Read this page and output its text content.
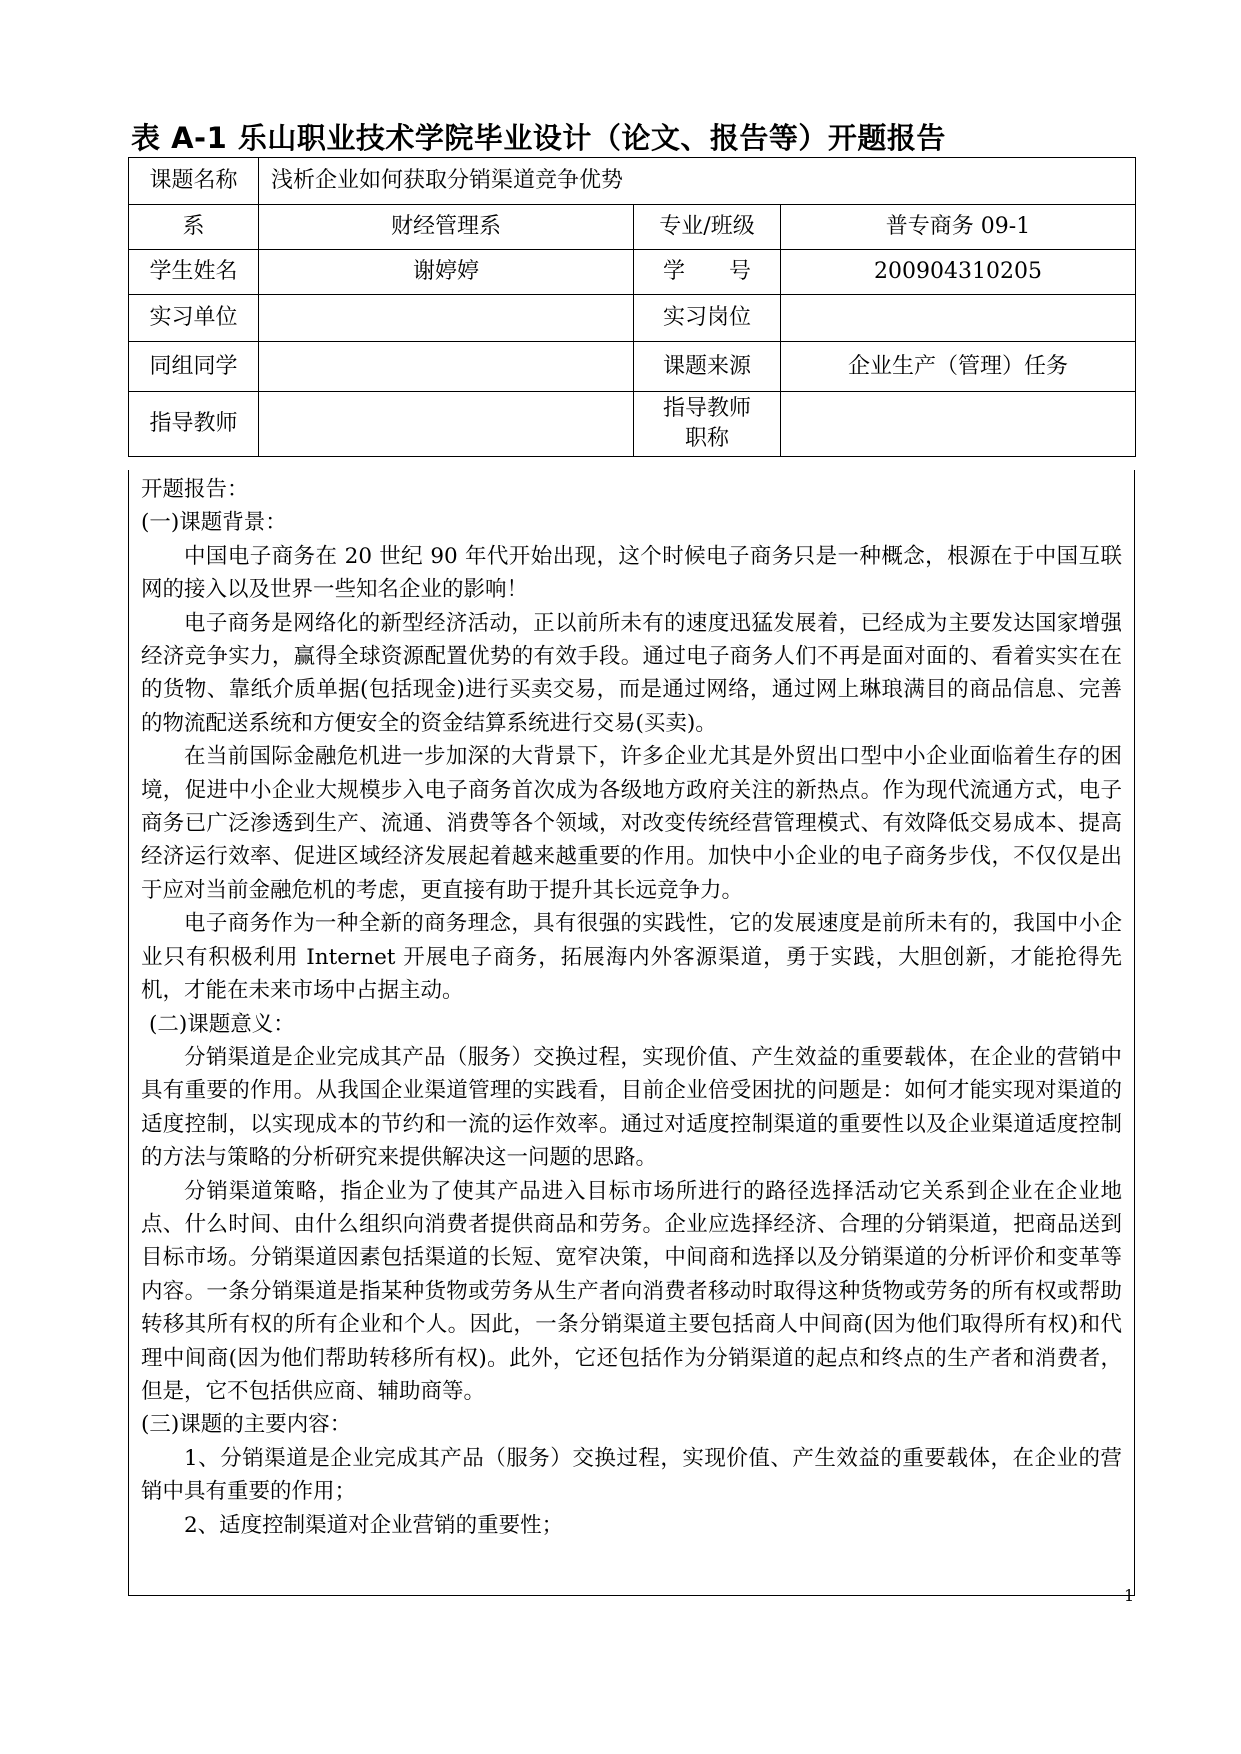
表 A-1 乐山职业技术学院毕业设计（论文、报告等）开题报告
课题名称	浅析企业如何获取分销渠道竞争优势		
系	财经管理系	专业/班级	普专商务 09-1
学生姓名	谢婷婷	学　　号	200904310205
实习单位		实习岗位	
同组同学		课题来源	企业生产（管理）任务
指导教师		指导教师
职称	

开题报告：

(一)课题背景：

中国电子商务在 20 世纪 90 年代开始出现，这个时候电子商务只是一种概念，根源在于中国互联网的接入以及世界一些知名企业的影响！

电子商务是网络化的新型经济活动，正以前所未有的速度迅猛发展着，已经成为主要发达国家增强经济竞争实力，赢得全球资源配置优势的有效手段。通过电子商务人们不再是面对面的、看着实实在在的货物、靠纸介质单据(包括现金)进行买卖交易，而是通过网络，通过网上琳琅满目的商品信息、完善的物流配送系统和方便安全的资金结算系统进行交易(买卖)。

在当前国际金融危机进一步加深的大背景下，许多企业尤其是外贸出口型中小企业面临着生存的困境，促进中小企业大规模步入电子商务首次成为各级地方政府关注的新热点。作为现代流通方式，电子商务已广泛渗透到生产、流通、消费等各个领域，对改变传统经营管理模式、有效降低交易成本、提高经济运行效率、促进区域经济发展起着越来越重要的作用。加快中小企业的电子商务步伐，不仅仅是出于应对当前金融危机的考虑，更直接有助于提升其长远竞争力。

电子商务作为一种全新的商务理念，具有很强的实践性，它的发展速度是前所未有的，我国中小企业只有积极利用 Internet 开展电子商务，拓展海内外客源渠道，勇于实践，大胆创新，才能抢得先机，才能在未来市场中占据主动。

(二)课题意义：

分销渠道是企业完成其产品（服务）交换过程，实现价值、产生效益的重要载体，在企业的营销中具有重要的作用。从我国企业渠道管理的实践看，目前企业倍受困扰的问题是：如何才能实现对渠道的适度控制，以实现成本的节约和一流的运作效率。通过对适度控制渠道的重要性以及企业渠道适度控制的方法与策略的分析研究来提供解决这一问题的思路。

分销渠道策略，指企业为了使其产品进入目标市场所进行的路径选择活动它关系到企业在企业地点、什么时间、由什么组织向消费者提供商品和劳务。企业应选择经济、合理的分销渠道，把商品送到目标市场。分销渠道因素包括渠道的长短、宽窄决策，中间商和选择以及分销渠道的分析评价和变革等内容。一条分销渠道是指某种货物或劳务从生产者向消费者移动时取得这种货物或劳务的所有权或帮助转移其所有权的所有企业和个人。因此，一条分销渠道主要包括商人中间商(因为他们取得所有权)和代理中间商(因为他们帮助转移所有权)。此外，它还包括作为分销渠道的起点和终点的生产者和消费者，但是，它不包括供应商、辅助商等。

(三)课题的主要内容：

1、分销渠道是企业完成其产品（服务）交换过程，实现价值、产生效益的重要载体，在企业的营销中具有重要的作用；

2、适度控制渠道对企业营销的重要性；

1
